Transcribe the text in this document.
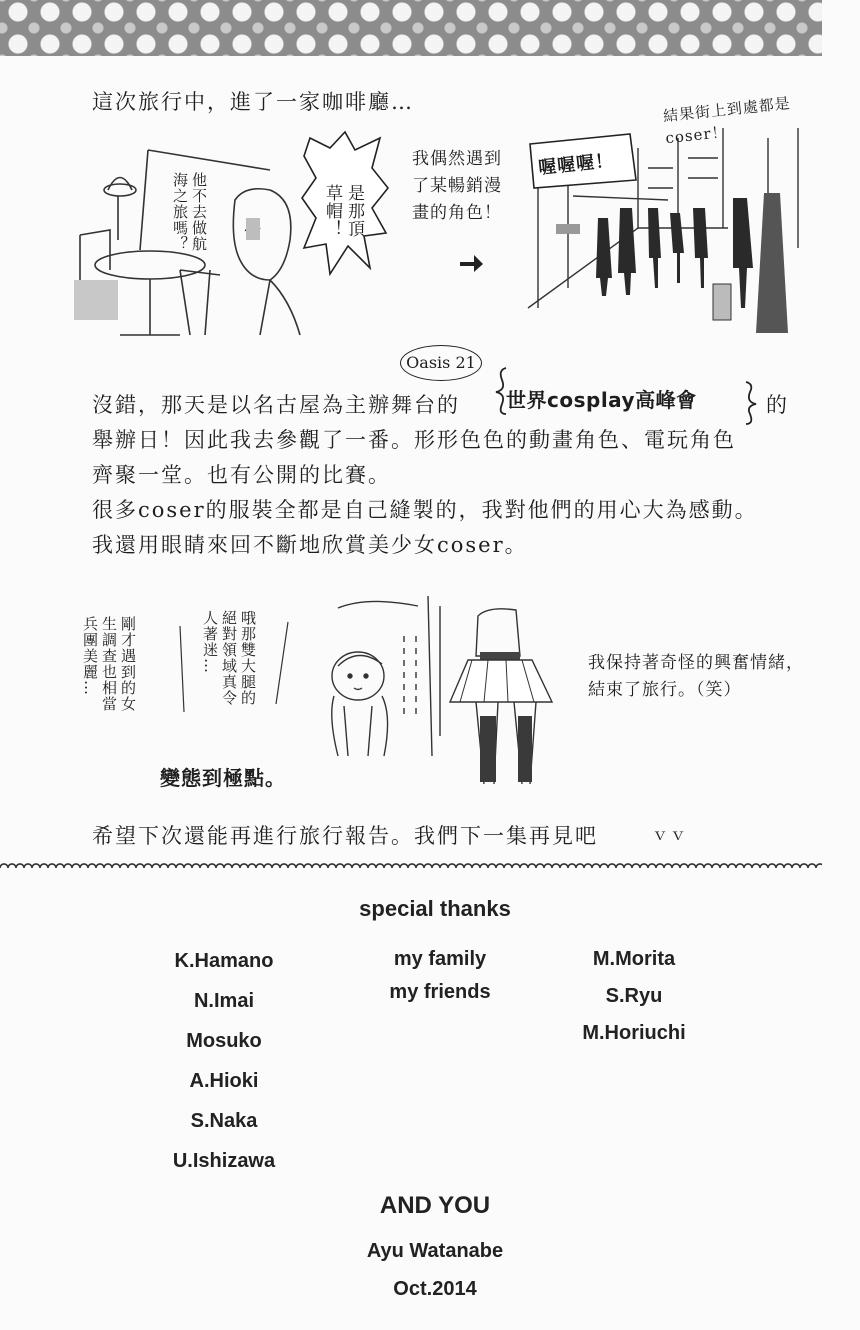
這次旅行中，進了一家咖啡廳…
他不去做航海之旅嗎？	是那頂草帽！
我偶然遇到了某暢銷漫畫的角色！
喔喔喔！
結果街上到處都是coser！
Oasis 21
沒錯，那天是以名古屋為主辦舞台的 世界cosplay高峰會	的
舉辦日！因此我去參觀了一番。形形色色的動畫角色、電玩角色
齊聚一堂。也有公開的比賽。
很多coser的服裝全都是自己縫製的，我對他們的用心大為感動。
我還用眼睛來回不斷地欣賞美少女coser。
剛才遇到的女生調查也相當兵團美麗…	哦那雙大腿的絕對領域真令人著迷…	我保持著奇怪的興奮情緒，結束了旅行。（笑）
變態到極點。
希望下次還能再進行旅行報告。我們下一集再見吧	ｖｖ
special thanks
K.Hamano
N.Imai
Mosuko
A.Hioki
S.Naka
U.Ishizawa
my family
my friends
M.Morita
S.Ryu
M.Horiuchi
AND YOU
Ayu Watanabe
Oct.2014
